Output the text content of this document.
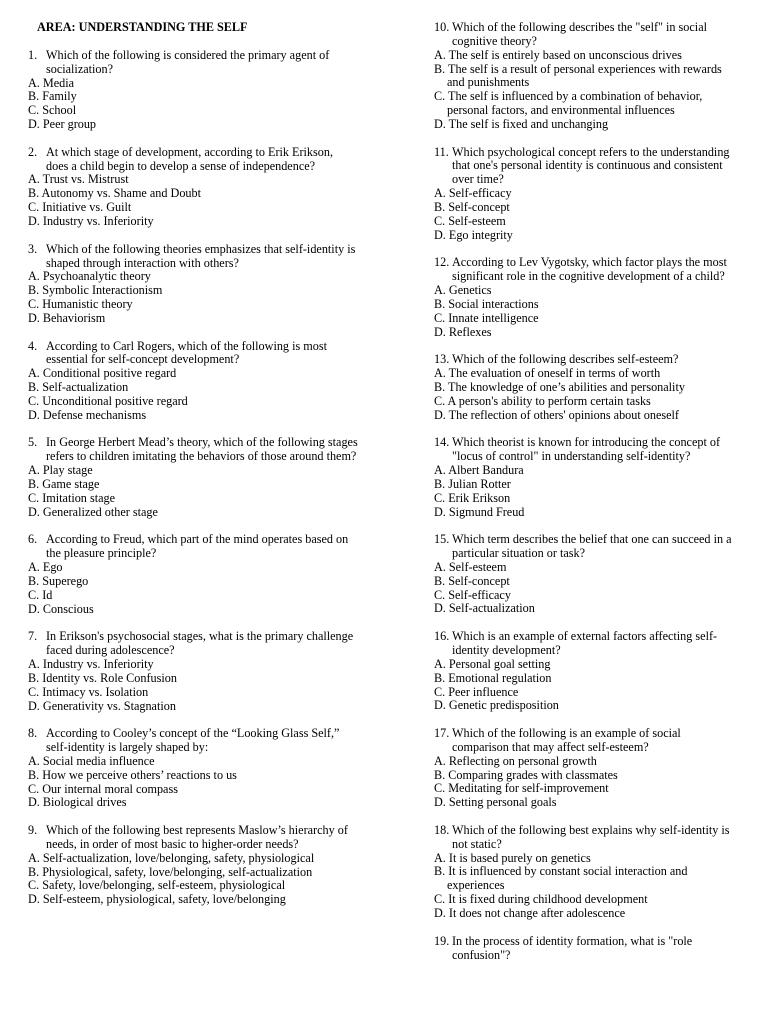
AREA: UNDERSTANDING THE SELF
1. Which of the following is considered the primary agent of socialization?
A. Media
B. Family
C. School
D. Peer group
2. At which stage of development, according to Erik Erikson, does a child begin to develop a sense of independence?
A. Trust vs. Mistrust
B. Autonomy vs. Shame and Doubt
C. Initiative vs. Guilt
D. Industry vs. Inferiority
3. Which of the following theories emphasizes that self-identity is shaped through interaction with others?
A. Psychoanalytic theory
B. Symbolic Interactionism
C. Humanistic theory
D. Behaviorism
4. According to Carl Rogers, which of the following is most essential for self-concept development?
A. Conditional positive regard
B. Self-actualization
C. Unconditional positive regard
D. Defense mechanisms
5. In George Herbert Mead’s theory, which of the following stages refers to children imitating the behaviors of those around them?
A. Play stage
B. Game stage
C. Imitation stage
D. Generalized other stage
6. According to Freud, which part of the mind operates based on the pleasure principle?
A. Ego
B. Superego
C. Id
D. Conscious
7. In Erikson's psychosocial stages, what is the primary challenge faced during adolescence?
A. Industry vs. Inferiority
B. Identity vs. Role Confusion
C. Intimacy vs. Isolation
D. Generativity vs. Stagnation
8. According to Cooley’s concept of the “Looking Glass Self,” self-identity is largely shaped by:
A. Social media influence
B. How we perceive others’ reactions to us
C. Our internal moral compass
D. Biological drives
9. Which of the following best represents Maslow’s hierarchy of needs, in order of most basic to higher-order needs?
A. Self-actualization, love/belonging, safety, physiological
B. Physiological, safety, love/belonging, self-actualization
C. Safety, love/belonging, self-esteem, physiological
D. Self-esteem, physiological, safety, love/belonging
10. Which of the following describes the "self" in social cognitive theory?
A. The self is entirely based on unconscious drives
B. The self is a result of personal experiences with rewards and punishments
C. The self is influenced by a combination of behavior, personal factors, and environmental influences
D. The self is fixed and unchanging
11. Which psychological concept refers to the understanding that one's personal identity is continuous and consistent over time?
A. Self-efficacy
B. Self-concept
C. Self-esteem
D. Ego integrity
12. According to Lev Vygotsky, which factor plays the most significant role in the cognitive development of a child?
A. Genetics
B. Social interactions
C. Innate intelligence
D. Reflexes
13. Which of the following describes self-esteem?
A. The evaluation of oneself in terms of worth
B. The knowledge of one’s abilities and personality
C. A person's ability to perform certain tasks
D. The reflection of others' opinions about oneself
14. Which theorist is known for introducing the concept of "locus of control" in understanding self-identity?
A. Albert Bandura
B. Julian Rotter
C. Erik Erikson
D. Sigmund Freud
15. Which term describes the belief that one can succeed in a particular situation or task?
A. Self-esteem
B. Self-concept
C. Self-efficacy
D. Self-actualization
16. Which is an example of external factors affecting self-identity development?
A. Personal goal setting
B. Emotional regulation
C. Peer influence
D. Genetic predisposition
17. Which of the following is an example of social comparison that may affect self-esteem?
A. Reflecting on personal growth
B. Comparing grades with classmates
C. Meditating for self-improvement
D. Setting personal goals
18. Which of the following best explains why self-identity is not static?
A. It is based purely on genetics
B. It is influenced by constant social interaction and experiences
C. It is fixed during childhood development
D. It does not change after adolescence
19. In the process of identity formation, what is "role confusion"?
